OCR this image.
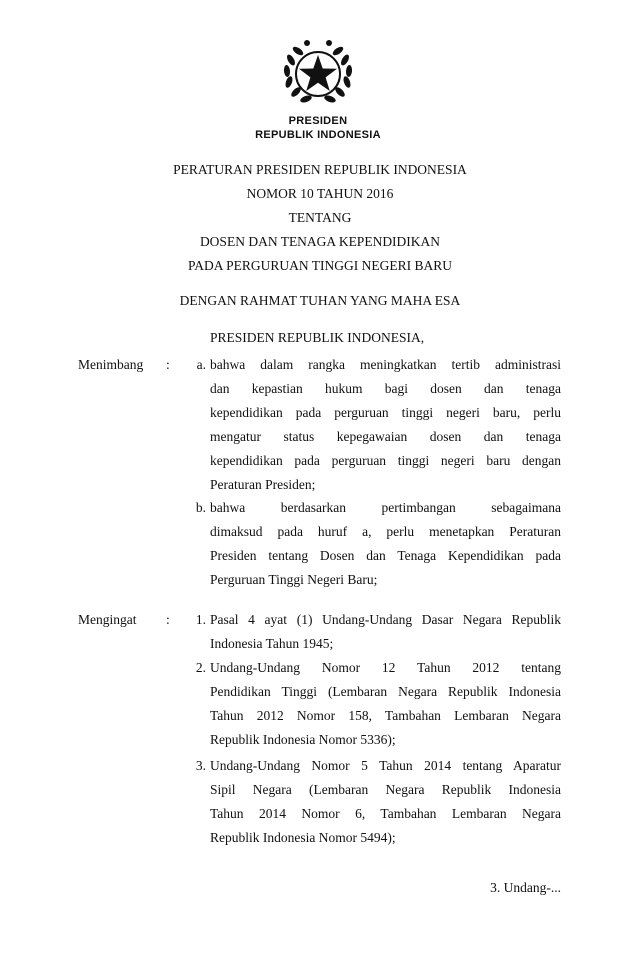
PRESIDEN
REPUBLIK INDONESIA
PERATURAN PRESIDEN REPUBLIK INDONESIA
NOMOR 10 TAHUN 2016
TENTANG
DOSEN DAN TENAGA KEPENDIDIKAN
PADA PERGURUAN TINGGI NEGERI BARU
DENGAN RAHMAT TUHAN YANG MAHA ESA
PRESIDEN REPUBLIK INDONESIA,
Menimbang :	a. bahwa dalam rangka meningkatkan tertib administrasi
dan kepastian hukum bagi dosen dan tenaga
kependidikan pada perguruan tinggi negeri baru, perlu
mengatur status kepegawaian dosen dan tenaga
kependidikan pada perguruan tinggi negeri baru dengan
Peraturan Presiden;
b. bahwa berdasarkan pertimbangan sebagaimana
dimaksud pada huruf a, perlu menetapkan Peraturan
Presiden tentang Dosen dan Tenaga Kependidikan pada
Perguruan Tinggi Negeri Baru;
Mengingat :	1. Pasal 4 ayat (1) Undang-Undang Dasar Negara Republik
Indonesia Tahun 1945;
2. Undang-Undang Nomor 12 Tahun 2012 tentang
Pendidikan Tinggi (Lembaran Negara Republik Indonesia
Tahun 2012 Nomor 158, Tambahan Lembaran Negara
Republik Indonesia Nomor 5336);
3. Undang-Undang Nomor 5 Tahun 2014 tentang Aparatur
Sipil Negara (Lembaran Negara Republik Indonesia
Tahun 2014 Nomor 6, Tambahan Lembaran Negara
Republik Indonesia Nomor 5494);
3. Undang-...
